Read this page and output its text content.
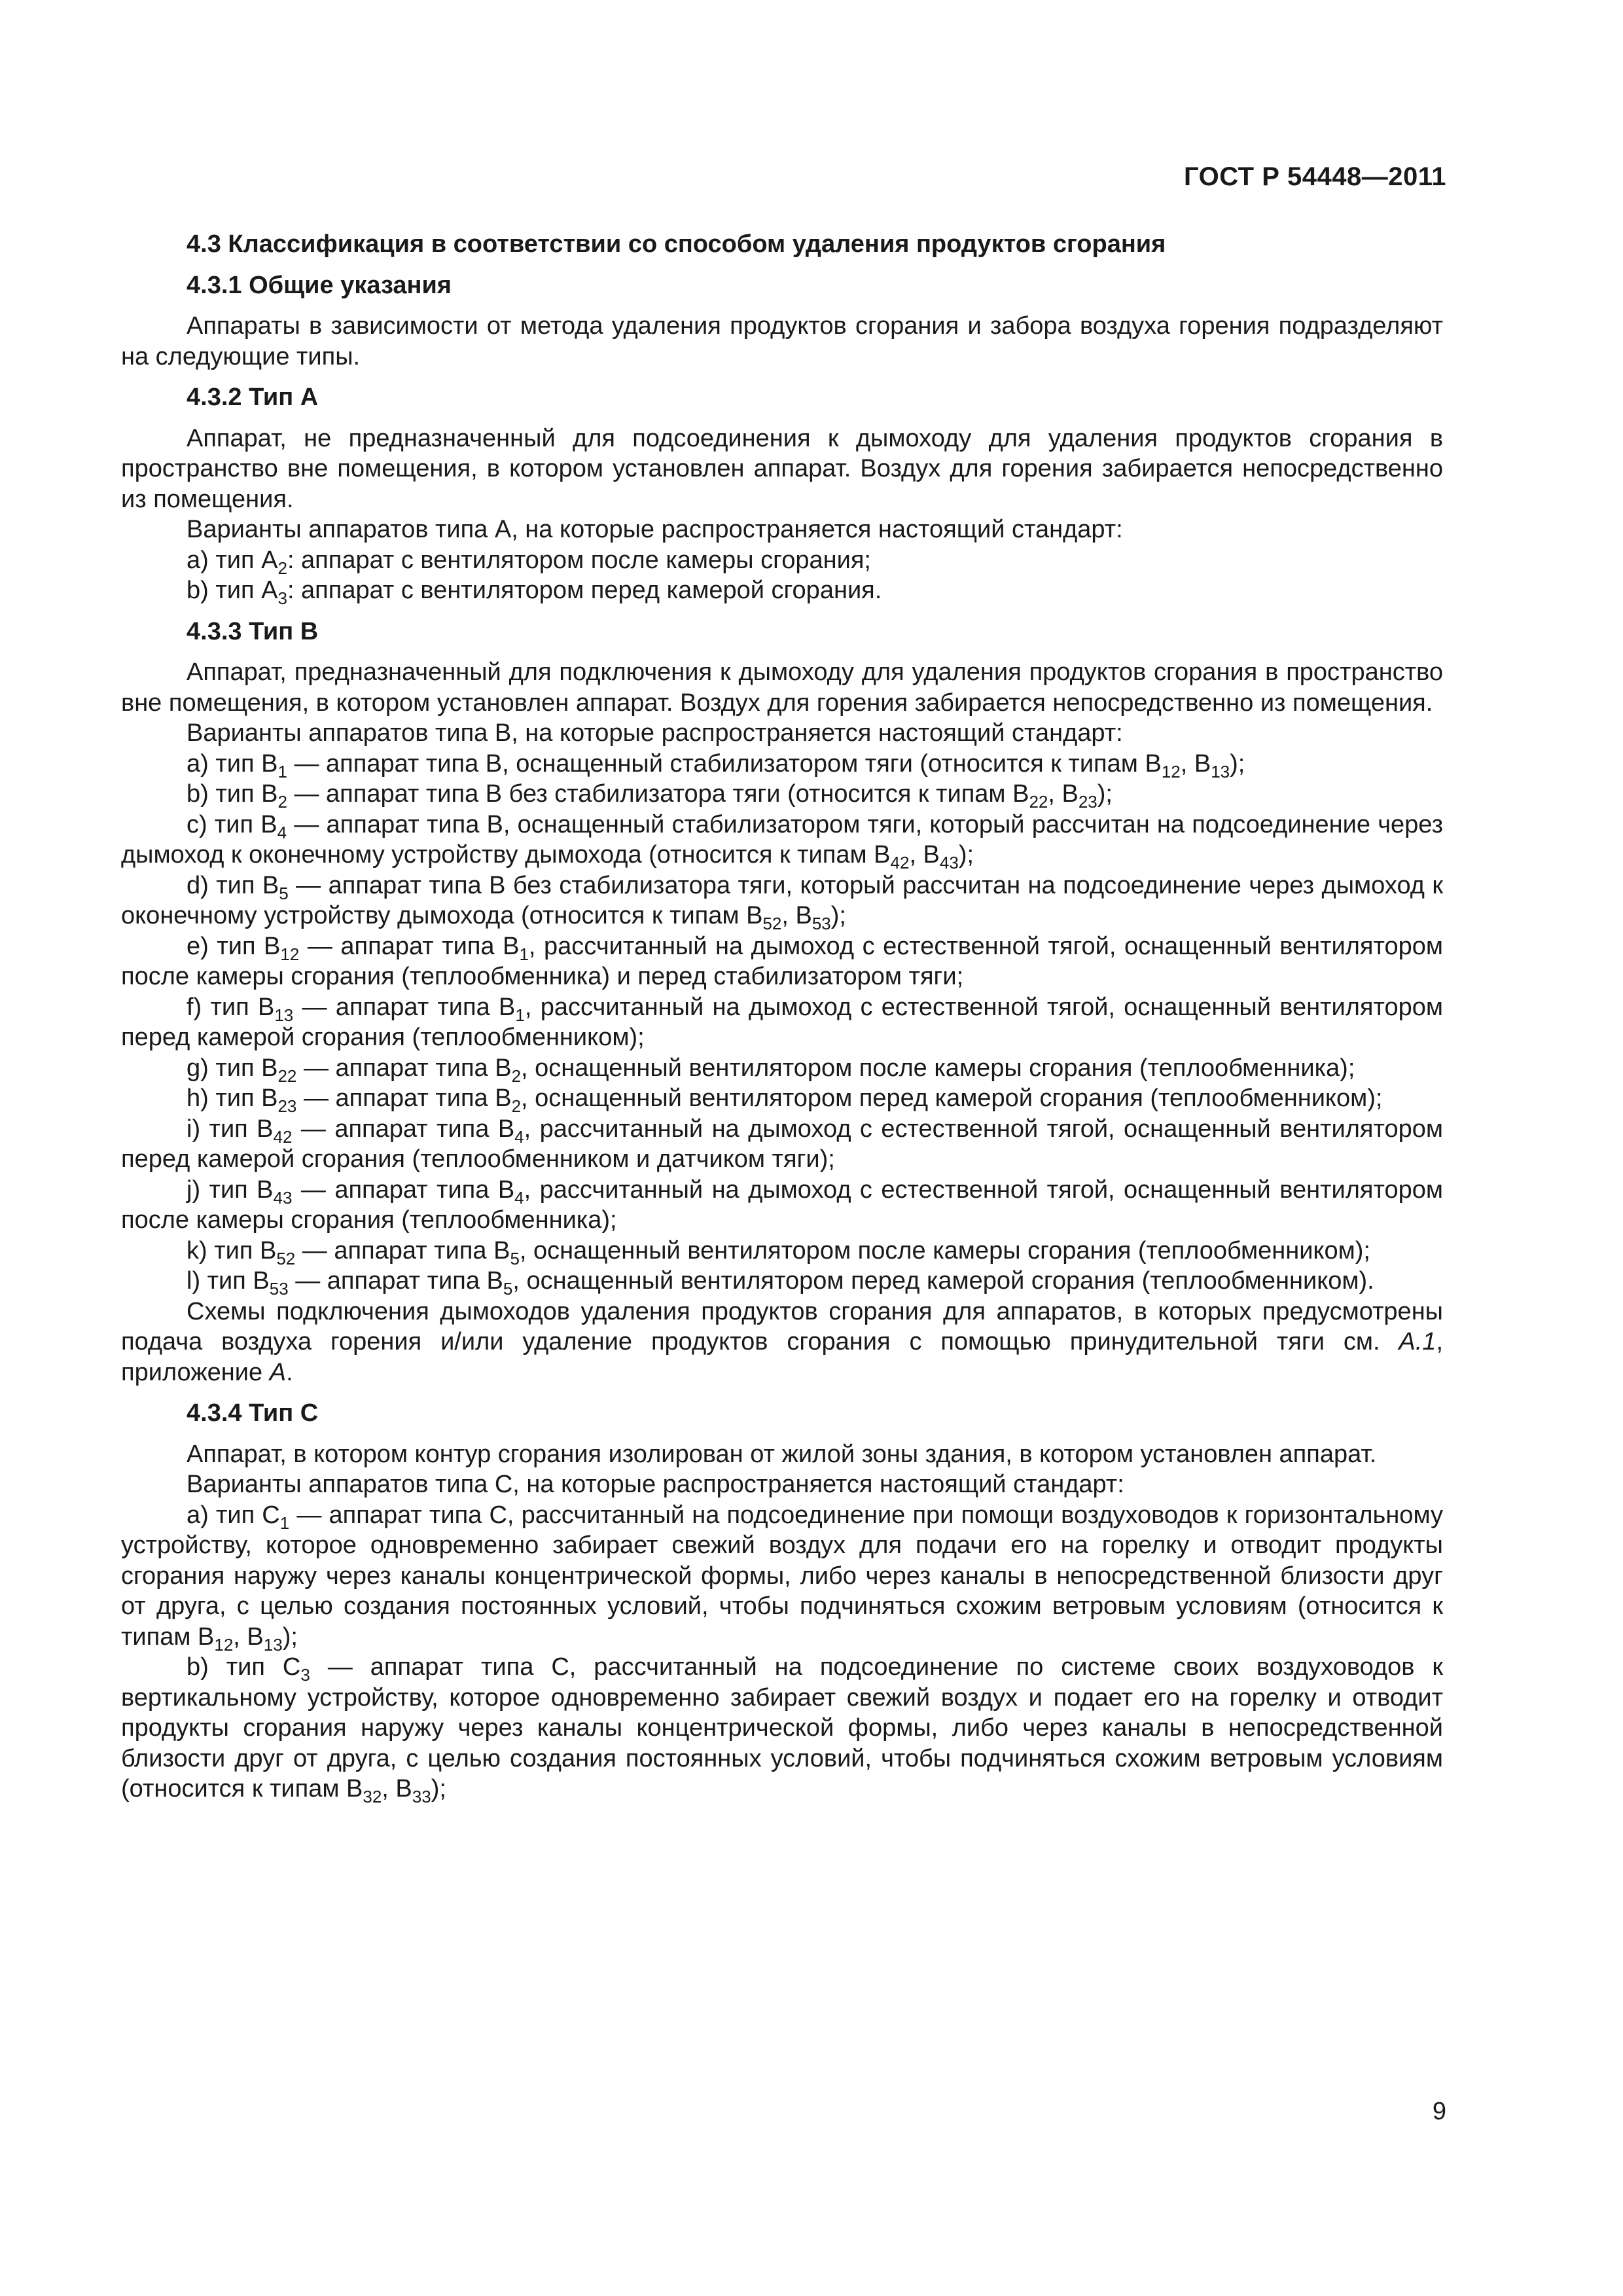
ГОСТ Р 54448—2011
4.3 Классификация в соответствии со способом удаления продуктов сгорания
4.3.1 Общие указания
Аппараты в зависимости от метода удаления продуктов сгорания и забора воздуха горения подразделяют на следующие типы.
4.3.2 Тип А
Аппарат, не предназначенный для подсоединения к дымоходу для удаления продуктов сгорания в пространство вне помещения, в котором установлен аппарат. Воздух для горения забирается непосредственно из помещения.
Варианты аппаратов типа А, на которые распространяется настоящий стандарт:
a) тип $А_2$: аппарат с вентилятором после камеры сгорания;
b) тип $А_3$: аппарат с вентилятором перед камерой сгорания.
4.3.3 Тип В
Аппарат, предназначенный для подключения к дымоходу для удаления продуктов сгорания в пространство вне помещения, в котором установлен аппарат. Воздух для горения забирается непосредственно из помещения.
Варианты аппаратов типа В, на которые распространяется настоящий стандарт:
a) тип $В_1$ — аппарат типа В, оснащенный стабилизатором тяги (относится к типам $В_{12}$, $В_{13}$);
b) тип $В_2$ — аппарат типа В без стабилизатора тяги (относится к типам $В_{22}$, $В_{23}$);
c) тип $В_4$ — аппарат типа В, оснащенный стабилизатором тяги, который рассчитан на подсоединение через дымоход к оконечному устройству дымохода (относится к типам $В_{42}$, $В_{43}$);
d) тип $В_5$ — аппарат типа В без стабилизатора тяги, который рассчитан на подсоединение через дымоход к оконечному устройству дымохода (относится к типам $В_{52}$, $В_{53}$);
e) тип $В_{12}$ — аппарат типа $В_1$, рассчитанный на дымоход с естественной тягой, оснащенный вентилятором после камеры сгорания (теплообменника) и перед стабилизатором тяги;
f) тип $В_{13}$ — аппарат типа $В_1$, рассчитанный на дымоход с естественной тягой, оснащенный вентилятором перед камерой сгорания (теплообменником);
g) тип $В_{22}$ — аппарат типа $В_2$, оснащенный вентилятором после камеры сгорания (теплообменника);
h) тип $В_{23}$ — аппарат типа $В_2$, оснащенный вентилятором перед камерой сгорания (теплообменником);
i) тип $В_{42}$ — аппарат типа $В_4$, рассчитанный на дымоход с естественной тягой, оснащенный вентилятором перед камерой сгорания (теплообменником и датчиком тяги);
j) тип $В_{43}$ — аппарат типа $В_4$, рассчитанный на дымоход с естественной тягой, оснащенный вентилятором после камеры сгорания (теплообменника);
k) тип $В_{52}$ — аппарат типа $В_5$, оснащенный вентилятором после камеры сгорания (теплообменником);
l) тип $В_{53}$ — аппарат типа $В_5$, оснащенный вентилятором перед камерой сгорания (теплообменником).
Схемы подключения дымоходов удаления продуктов сгорания для аппаратов, в которых предусмотрены подача воздуха горения и/или удаление продуктов сгорания с помощью принудительной тяги см. А.1, приложение А.
4.3.4 Тип С
Аппарат, в котором контур сгорания изолирован от жилой зоны здания, в котором установлен аппарат.
Варианты аппаратов типа С, на которые распространяется настоящий стандарт:
a) тип $С_1$ — аппарат типа С, рассчитанный на подсоединение при помощи воздуховодов к горизонтальному устройству, которое одновременно забирает свежий воздух для подачи его на горелку и отводит продукты сгорания наружу через каналы концентрической формы, либо через каналы в непосредственной близости друг от друга, с целью создания постоянных условий, чтобы подчиняться схожим ветровым условиям (относится к типам $В_{12}$, $В_{13}$);
b) тип $С_3$ — аппарат типа С, рассчитанный на подсоединение по системе своих воздуховодов к вертикальному устройству, которое одновременно забирает свежий воздух и подает его на горелку и отводит продукты сгорания наружу через каналы концентрической формы, либо через каналы в непосредственной близости друг от друга, с целью создания постоянных условий, чтобы подчиняться схожим ветровым условиям (относится к типам $В_{32}$, $В_{33}$);
9
